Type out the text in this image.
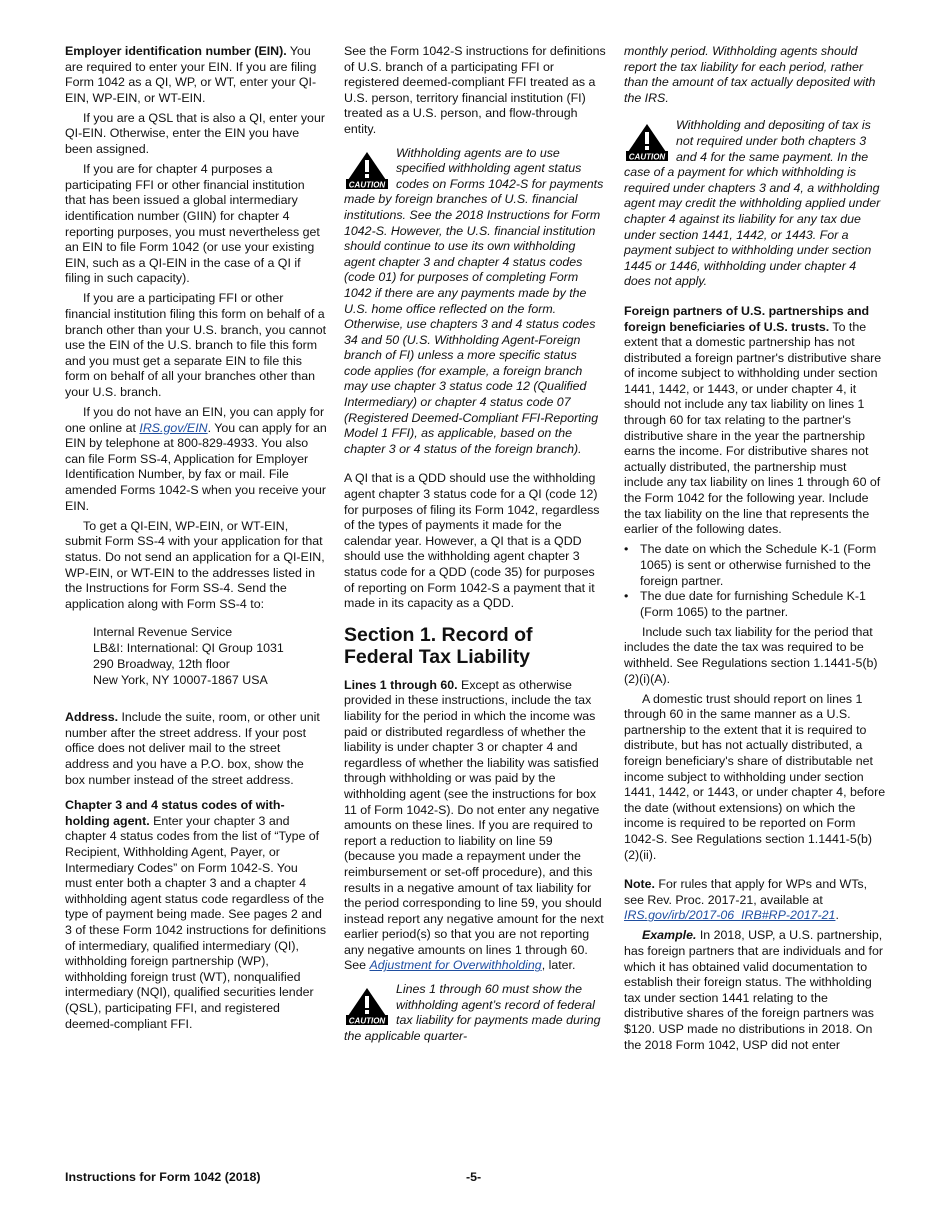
Employer identification number (EIN). You are required to enter your EIN. If you are filing Form 1042 as a QI, WP, or WT, enter your QI-EIN, WP-EIN, or WT-EIN.
If you are a QSL that is also a QI, enter your QI-EIN. Otherwise, enter the EIN you have been assigned.
If you are for chapter 4 purposes a participating FFI or other financial institution that has been issued a global intermediary identification number (GIIN) for chapter 4 reporting purposes, you must nevertheless get an EIN to file Form 1042 (or use your existing EIN, such as a QI-EIN in the case of a QI if filing in such capacity).
If you are a participating FFI or other financial institution filing this form on behalf of a branch other than your U.S. branch, you cannot use the EIN of the U.S. branch to file this form and you must get a separate EIN to file this form on behalf of all your branches other than your U.S. branch.
If you do not have an EIN, you can apply for one online at IRS.gov/EIN. You can apply for an EIN by telephone at 800-829-4933. You also can file Form SS-4, Application for Employer Identification Number, by fax or mail. File amended Forms 1042-S when you receive your EIN.
To get a QI-EIN, WP-EIN, or WT-EIN, submit Form SS-4 with your application for that status. Do not send an application for a QI-EIN, WP-EIN, or WT-EIN to the addresses listed in the Instructions for Form SS-4. Send the application along with Form SS-4 to:
Internal Revenue Service
LB&I: International: QI Group 1031
290 Broadway, 12th floor
New York, NY 10007-1867 USA
Address. Include the suite, room, or other unit number after the street address. If your post office does not deliver mail to the street address and you have a P.O. box, show the box number instead of the street address.
Chapter 3 and 4 status codes of with-holding agent. Enter your chapter 3 and chapter 4 status codes from the list of “Type of Recipient, Withholding Agent, Payer, or Intermediary Codes” on Form 1042-S. You must enter both a chapter 3 and a chapter 4 withholding agent status code regardless of the type of payment being made. See pages 2 and 3 of these Form 1042 instructions for definitions of intermediary, qualified intermediary (QI), withholding foreign partnership (WP), withholding foreign trust (WT), nonqualified intermediary (NQI), qualified securities lender (QSL), participating FFI, and registered deemed-compliant FFI.
See the Form 1042-S instructions for definitions of U.S. branch of a participating FFI or registered deemed-compliant FFI treated as a U.S. person, territory financial institution (FI) treated as a U.S. person, and flow-through entity.
CAUTION
Withholding agents are to use specified withholding agent status codes on Forms 1042-S for payments made by foreign branches of U.S. financial institutions. See the 2018 Instructions for Form 1042-S. However, the U.S. financial institution should continue to use its own withholding agent chapter 3 and chapter 4 status codes (code 01) for purposes of completing Form 1042 if there are any payments made by the U.S. home office reflected on the form. Otherwise, use chapters 3 and 4 status codes 34 and 50 (U.S. Withholding Agent-Foreign branch of FI) unless a more specific status code applies (for example, a foreign branch may use chapter 3 status code 12 (Qualified Intermediary) or chapter 4 status code 07 (Registered Deemed-Compliant FFI-Reporting Model 1 FFI), as applicable, based on the chapter 3 or 4 status of the foreign branch).
A QI that is a QDD should use the withholding agent chapter 3 status code for a QI (code 12) for purposes of filing its Form 1042, regardless of the types of payments it made for the calendar year. However, a QI that is a QDD should use the withholding agent chapter 3 status code for a QDD (code 35) for purposes of reporting on Form 1042-S a payment that it made in its capacity as a QDD.
Section 1. Record of Federal Tax Liability
Lines 1 through 60. Except as otherwise provided in these instructions, include the tax liability for the period in which the income was paid or distributed regardless of whether the liability is under chapter 3 or chapter 4 and regardless of whether the liability was satisfied through withholding or was paid by the withholding agent (see the instructions for box 11 of Form 1042-S). Do not enter any negative amounts on these lines. If you are required to report a reduction to liability on line 59 (because you made a repayment under the reimbursement or set-off procedure), and this results in a negative amount of tax liability for the period corresponding to line 59, you should instead report any negative amount for the next earlier period(s) so that you are not reporting any negative amounts on lines 1 through 60. See Adjustment for Overwithholding, later.
CAUTION
Lines 1 through 60 must show the withholding agent’s record of federal tax liability for payments made during the applicable quarter-
monthly period. Withholding agents should report the tax liability for each period, rather than the amount of tax actually deposited with the IRS.
CAUTION
Withholding and depositing of tax is not required under both chapters 3 and 4 for the same payment. In the case of a payment for which withholding is required under chapters 3 and 4, a withholding agent may credit the withholding applied under chapter 4 against its liability for any tax due under section 1441, 1442, or 1443. For a payment subject to withholding under section 1445 or 1446, withholding under chapter 4 does not apply.
Foreign partners of U.S. partnerships and foreign beneficiaries of U.S. trusts. To the extent that a domestic partnership has not distributed a foreign partner's distributive share of income subject to withholding under section 1441, 1442, or 1443, or under chapter 4, it should not include any tax liability on lines 1 through 60 for tax relating to the partner's distributive share in the year the partnership earns the income. For distributive shares not actually distributed, the partnership must include any tax liability on lines 1 through 60 of the Form 1042 for the following year. Include the tax liability on the line that represents the earlier of the following dates.
• The date on which the Schedule K-1 (Form 1065) is sent or otherwise furnished to the foreign partner.
• The due date for furnishing Schedule K-1 (Form 1065) to the partner.
Include such tax liability for the period that includes the date the tax was required to be withheld. See Regulations section 1.1441-5(b)(2)(i)(A).
A domestic trust should report on lines 1 through 60 in the same manner as a U.S. partnership to the extent that it is required to distribute, but has not actually distributed, a foreign beneficiary's share of distributable net income subject to withholding under section 1441, 1442, or 1443, or under chapter 4, before the date (without extensions) on which the income is required to be reported on Form 1042-S. See Regulations section 1.1441-5(b)(2)(ii).
Note. For rules that apply for WPs and WTs, see Rev. Proc. 2017-21, available at IRS.gov/irb/2017-06_IRB#RP-2017-21.
Example. In 2018, USP, a U.S. partnership, has foreign partners that are individuals and for which it has obtained valid documentation to establish their foreign status. The withholding tax under section 1441 relating to the distributive shares of the foreign partners was $120. USP made no distributions in 2018. On the 2018 Form 1042, USP did not enter
Instructions for Form 1042 (2018)	-5-
